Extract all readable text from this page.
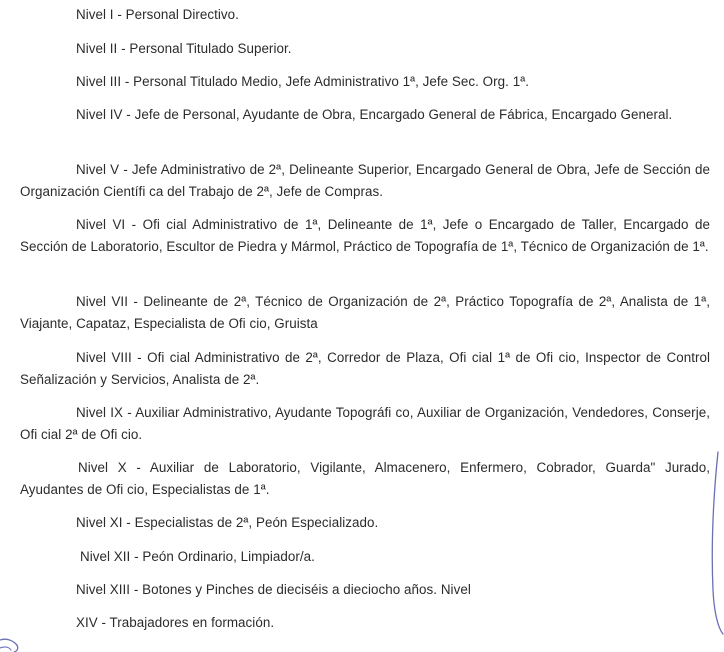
Nivel I - Personal Directivo.

Nivel II - Personal Titulado Superior.

Nivel III - Personal Titulado Medio, Jefe Administrativo 1ª, Jefe Sec. Org. 1ª.

Nivel IV - Jefe de Personal, Ayudante de Obra, Encargado General de Fábrica, Encargado General.

Nivel V - Jefe Administrativo de 2ª, Delineante Superior, Encargado General de Obra, Jefe de Sección de Organización Científi ca del Trabajo de 2ª, Jefe de Compras.

Nivel VI - Ofi cial Administrativo de 1ª, Delineante de 1ª, Jefe o Encargado de Taller, Encargado de Sección de Laboratorio, Escultor de Piedra y Mármol, Práctico de Topografía de 1ª, Técnico de Organización de 1ª.

Nivel VII - Delineante de 2ª, Técnico de Organización de 2ª, Práctico Topografía de 2ª, Analista de 1ª, Viajante, Capataz, Especialista de Ofi cio, Gruista

Nivel VIII - Ofi cial Administrativo de 2ª, Corredor de Plaza, Ofi cial 1ª de Ofi cio, Inspector de Control Señalización y Servicios, Analista de 2ª.

Nivel IX - Auxiliar Administrativo, Ayudante Topográfi co, Auxiliar de Organización, Vendedores, Conserje, Ofi cial 2ª de Ofi cio.

Nivel X - Auxiliar de Laboratorio, Vigilante, Almacenero, Enfermero, Cobrador, Guarda" Jurado, Ayudantes de Ofi cio, Especialistas de 1ª.

Nivel XI - Especialistas de 2ª, Peón Especializado.

Nivel XII - Peón Ordinario, Limpiador/a.

Nivel XIII - Botones y Pinches de dieciséis a dieciocho años. Nivel

XIV - Trabajadores en formación.
